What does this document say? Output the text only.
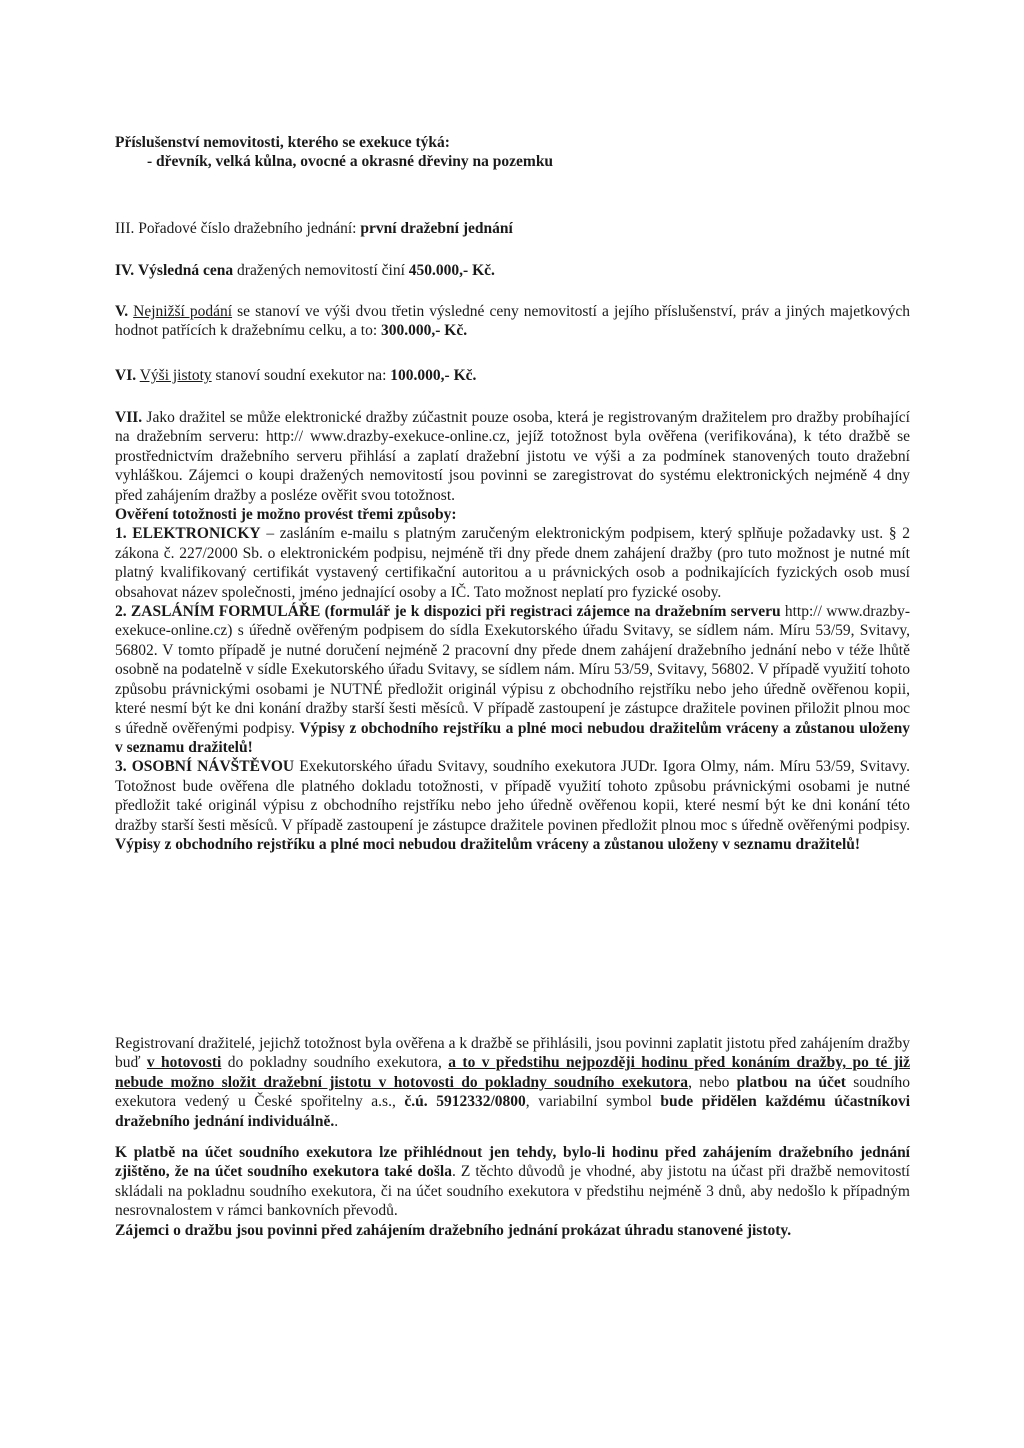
Příslušenství nemovitosti, kterého se exekuce týká:

- dřevník, velká kůlna, ovocné a okrasné dřeviny na pozemku

III. Pořadové číslo dražebního jednání: první dražební jednání

IV. Výsledná cena dražených nemovitostí činí 450.000,- Kč.

V. Nejnižší podání se stanoví ve výši dvou třetin výsledné ceny nemovitostí a jejího příslušenství, práv a jiných majetkových hodnot patřících k dražebnímu celku, a to: 300.000,- Kč.

VI. Výši jistoty stanoví soudní exekutor na: 100.000,- Kč.

VII. Jako dražitel se může elektronické dražby zúčastnit pouze osoba, která je registrovaným dražitelem pro dražby probíhající na dražebním serveru: http:// www.drazby-exekuce-online.cz, jejíž totožnost byla ověřena (verifikována), k této dražbě se prostřednictvím dražebního serveru přihlásí a zaplatí dražební jistotu ve výši a za podmínek stanovených touto dražební vyhláškou. Zájemci o koupi dražených nemovitostí jsou povinni se zaregistrovat do systému elektronických nejméně 4 dny před zahájením dražby a posléze ověřit svou totožnost.

Ověření totožnosti je možno provést třemi způsoby:

1. ELEKTRONICKY – zasláním e-mailu s platným zaručeným elektronickým podpisem, který splňuje požadavky ust. § 2 zákona č. 227/2000 Sb. o elektronickém podpisu, nejméně tři dny přede dnem zahájení dražby (pro tuto možnost je nutné mít platný kvalifikovaný certifikát vystavený certifikační autoritou a u právnických osob a podnikajících fyzických osob musí obsahovat název společnosti, jméno jednající osoby a IČ. Tato možnost neplatí pro fyzické osoby.

2. ZASLÁNÍM FORMULÁŘE (formulář je k dispozici při registraci zájemce na dražebním serveru http:// www.drazby-exekuce-online.cz) s úředně ověřeným podpisem do sídla Exekutorského úřadu Svitavy, se sídlem nám. Míru 53/59, Svitavy, 56802. V tomto případě je nutné doručení nejméně 2 pracovní dny přede dnem zahájení dražebního jednání nebo v téže lhůtě osobně na podatelně v sídle Exekutorského úřadu Svitavy, se sídlem nám. Míru 53/59, Svitavy, 56802. V případě využití tohoto způsobu právnickými osobami je NUTNÉ předložit originál výpisu z obchodního rejstříku nebo jeho úředně ověřenou kopii, které nesmí být ke dni konání dražby starší šesti měsíců. V případě zastoupení je zástupce dražitele povinen přiložit plnou moc s úředně ověřenými podpisy. Výpisy z obchodního rejstříku a plné moci nebudou dražitelům vráceny a zůstanou uloženy v seznamu dražitelů!

3. OSOBNÍ NÁVŠTĚVOU Exekutorského úřadu Svitavy, soudního exekutora JUDr. Igora Olmy, nám. Míru 53/59, Svitavy. Totožnost bude ověřena dle platného dokladu totožnosti, v případě využití tohoto způsobu právnickými osobami je nutné předložit také originál výpisu z obchodního rejstříku nebo jeho úředně ověřenou kopii, které nesmí být ke dni konání této dražby starší šesti měsíců. V případě zastoupení je zástupce dražitele povinen předložit plnou moc s úředně ověřenými podpisy. Výpisy z obchodního rejstříku a plné moci nebudou dražitelům vráceny a zůstanou uloženy v seznamu dražitelů!

Registrovaní dražitelé, jejichž totožnost byla ověřena a k dražbě se přihlásili, jsou povinni zaplatit jistotu před zahájením dražby buď v hotovosti do pokladny soudního exekutora, a to v předstihu nejpozději hodinu před konáním dražby, po té již nebude možno složit dražební jistotu v hotovosti do pokladny soudního exekutora, nebo platbou na účet soudního exekutora vedený u České spořitelny a.s., č.ú. 5912332/0800, variabilní symbol bude přidělen každému účastníkovi dražebního jednání individuálně..

K platbě na účet soudního exekutora lze přihlédnout jen tehdy, bylo-li hodinu před zahájením dražebního jednání zjištěno, že na účet soudního exekutora také došla. Z těchto důvodů je vhodné, aby jistotu na účast při dražbě nemovitostí skládali na pokladnu soudního exekutora, či na účet soudního exekutora v předstihu nejméně 3 dnů, aby nedošlo k případným nesrovnalostem v rámci bankovních převodů.

Zájemci o dražbu jsou povinni před zahájením dražebního jednání prokázat úhradu stanovené jistoty.
